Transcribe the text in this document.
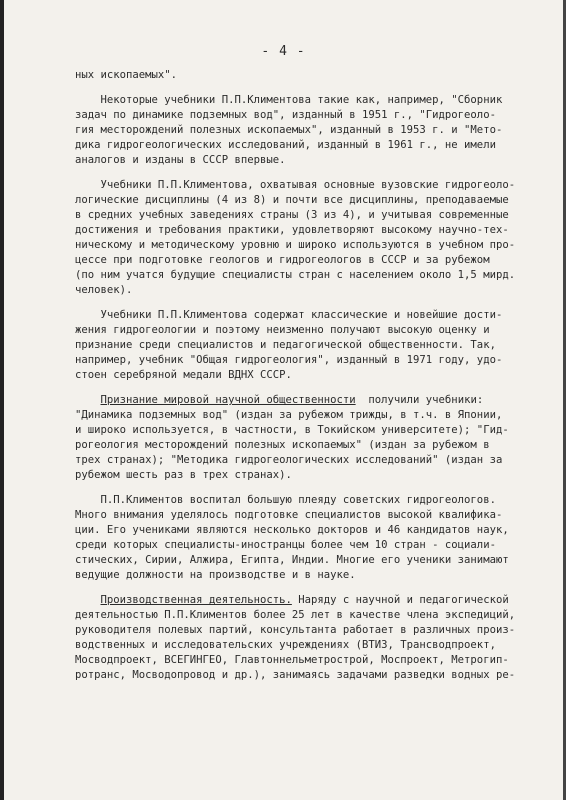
- 4 -
ных ископаемых".
Некоторые учебники П.П.Климентова такие как, например, "Сборник
задач по динамике подземных вод", изданный в 1951 г., "Гидрогеоло-
гия месторождений полезных ископаемых", изданный в 1953 г. и "Мето-
дика гидрогеологических исследований, изданный в 1961 г., не имели
аналогов и изданы в СССР впервые.
Учебники П.П.Климентова, охватывая основные вузовские гидрогеоло-
логические дисциплины (4 из 8) и почти все дисциплины, преподаваемые
в средних учебных заведениях страны (3 из 4), и учитывая современные
достижения и требования практики, удовлетворяют высокому научно-тех-
ническому и методическому уровню и широко используются в учебном про-
цессе при подготовке геологов и гидрогеологов в СССР и за рубежом
(по ним учатся будущие специалисты стран с населением около 1,5 мирд.
человек).
Учебники П.П.Климентова содержат классические и новейшие дости-
жения гидрогеологии и поэтому неизменно получают высокую оценку и
признание среди специалистов и педагогической общественности. Так,
например, учебник "Общая гидрогеология", изданный в 1971 году, удо-
стоен серебряной медали ВДНХ СССР.
Признание мировой научной общественности  получили учебники:
"Динамика подземных вод" (издан за рубежом трижды, в т.ч. в Японии,
и широко используется, в частности, в Токийском университете); "Гид-
рогеология месторождений полезных ископаемых" (издан за рубежом в
трех странах); "Методика гидрогеологических исследований" (издан за
рубежом шесть раз в трех странах).
П.П.Климентов воспитал большую плеяду советских гидрогеологов.
Много внимания уделялось подготовке специалистов высокой квалифика-
ции. Его учениками являются несколько докторов и 46 кандидатов наук,
среди которых специалисты-иностранцы более чем 10 стран - социали-
стических, Сирии, Алжира, Египта, Индии. Многие его ученики занимают
ведущие должности на производстве и в науке.
Производственная деятельность. Наряду с научной и педагогической
деятельностью П.П.Климентов более 25 лет в качестве члена экспедиций,
руководителя полевых партий, консультанта работает в различных произ-
водственных и исследовательских учреждениях (ВТИЗ, Трансводпроект,
Мосводпроект, ВСЕГИНГЕО, Главтоннельметрострой, Моспроект, Метрогип-
ротранс, Мосводопровод и др.), занимаясь задачами разведки водных ре-
